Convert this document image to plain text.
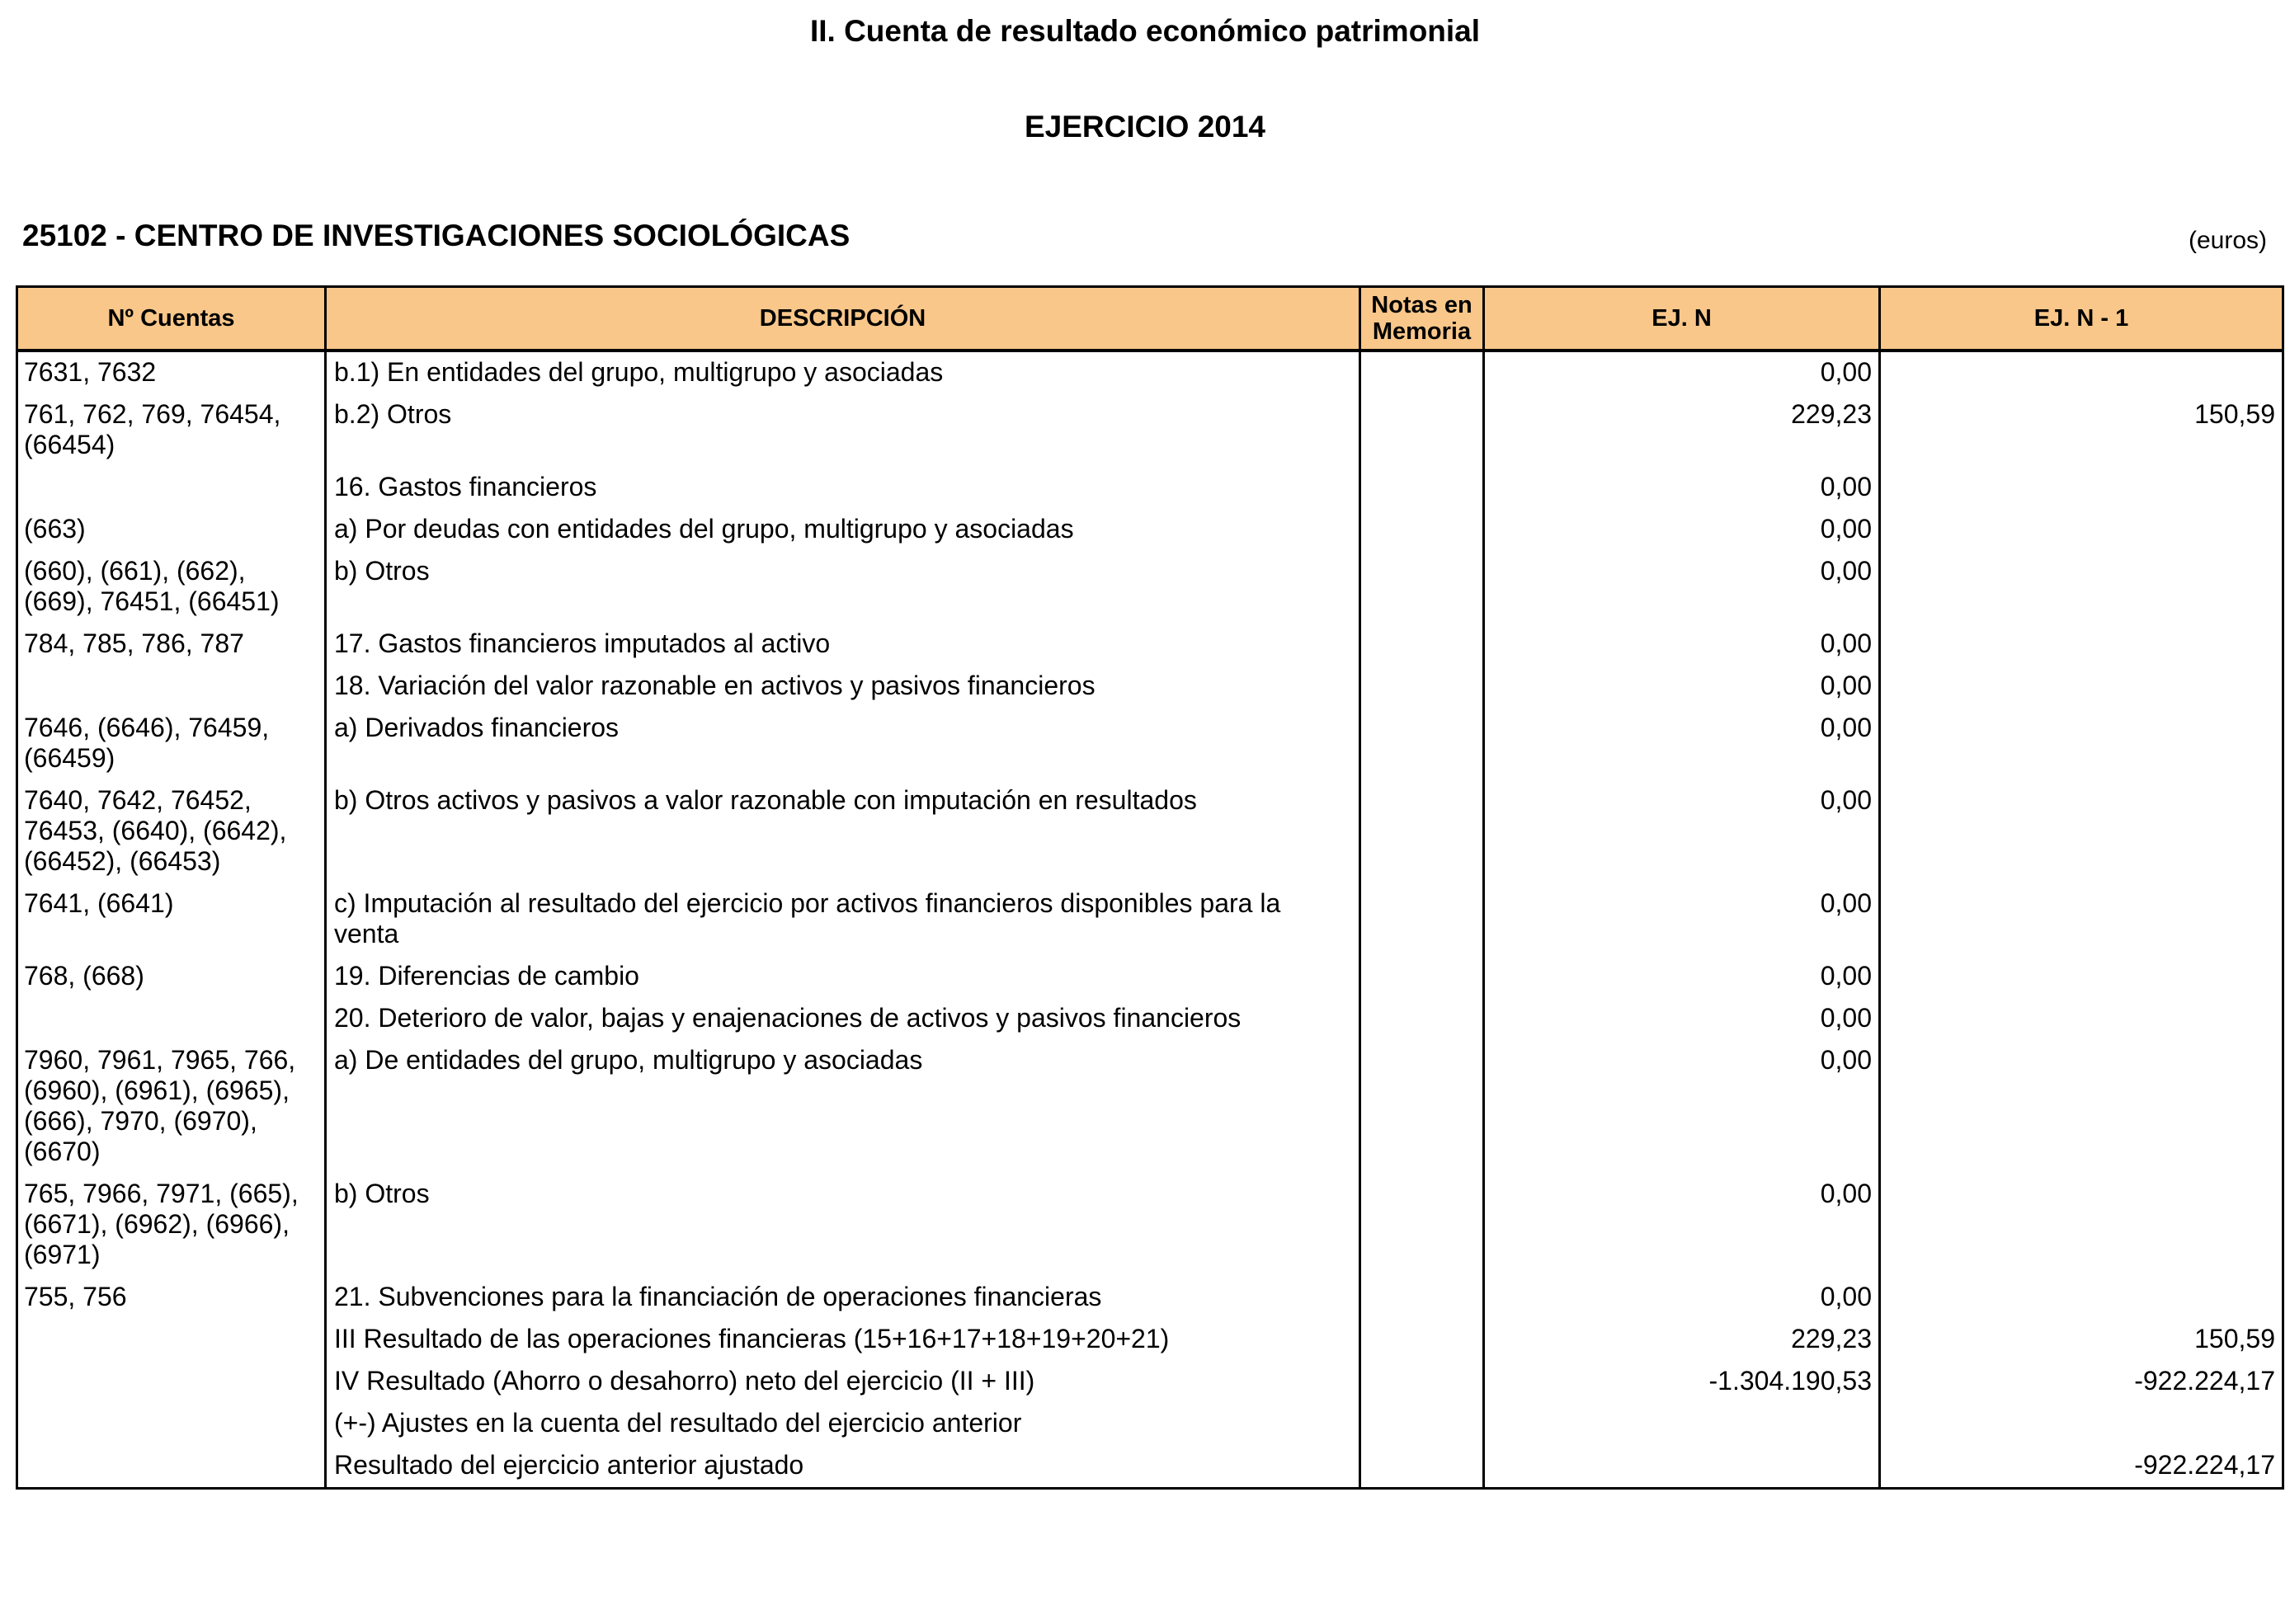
II. Cuenta de resultado económico patrimonial
EJERCICIO 2014
25102 - CENTRO DE INVESTIGACIONES SOCIOLÓGICAS	(euros)
Nº Cuentas	DESCRIPCIÓN	Notas en Memoria	EJ. N	EJ. N - 1
7631, 7632	b.1) En entidades del grupo, multigrupo y asociadas		0,00	
761, 762, 769, 76454, (66454)	b.2) Otros		229,23	150,59
	16. Gastos financieros		0,00	
(663)	a) Por deudas con entidades del grupo, multigrupo y asociadas		0,00	
(660), (661), (662), (669), 76451, (66451)	b) Otros		0,00	
784, 785, 786, 787	17. Gastos financieros imputados al activo		0,00	
	18. Variación del valor razonable en activos y pasivos financieros		0,00	
7646, (6646), 76459, (66459)	a) Derivados financieros		0,00	
7640, 7642, 76452, 76453, (6640), (6642), (66452), (66453)	b) Otros activos y pasivos a valor razonable con imputación en resultados		0,00	
7641, (6641)	c) Imputación al resultado del ejercicio por activos financieros disponibles para la venta		0,00	
768, (668)	19. Diferencias de cambio		0,00	
	20. Deterioro de valor, bajas y enajenaciones de activos y pasivos financieros		0,00	
7960, 7961, 7965, 766, (6960), (6961), (6965), (666), 7970, (6970), (6670)	a) De entidades del grupo, multigrupo y asociadas		0,00	
765, 7966, 7971, (665), (6671), (6962), (6966), (6971)	b) Otros		0,00	
755, 756	21. Subvenciones para la financiación de operaciones financieras		0,00	
	III Resultado de las operaciones financieras (15+16+17+18+19+20+21)		229,23	150,59
	IV Resultado (Ahorro o desahorro) neto del ejercicio (II + III)		-1.304.190,53	-922.224,17
	(+-) Ajustes en la cuenta del resultado del ejercicio anterior			
	Resultado del ejercicio anterior ajustado			-922.224,17
